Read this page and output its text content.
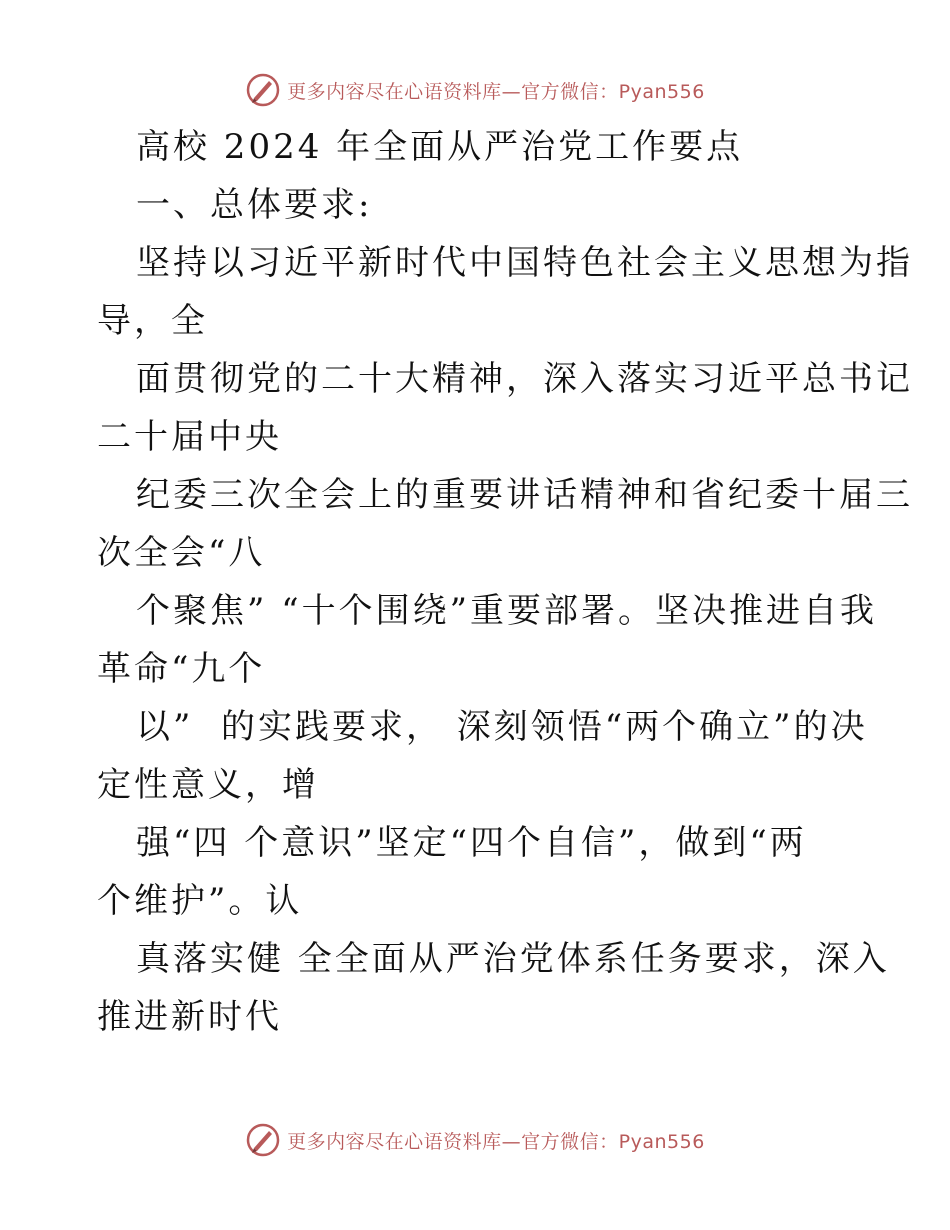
更多内容尽在心语资料库—官方微信：Pyan556
高校 2024 年全面从严治党工作要点
一、总体要求:
坚持以习近平新时代中国特色社会主义思想为指
导，全
面贯彻党的二十大精神，深入落实习近平总书记
二十届中央
纪委三次全会上的重要讲话精神和省纪委十届三
次全会“八
个聚焦” “十个围绕”重要部署。坚决推进自我
革命“九个
以”  的实践要求， 深刻领悟“两个确立”的决
定性意义，增
强“四 个意识”坚定“四个自信”，做到“两
个维护”。认
真落实健 全全面从严治党体系任务要求，深入
推进新时代
更多内容尽在心语资料库—官方微信：Pyan556
